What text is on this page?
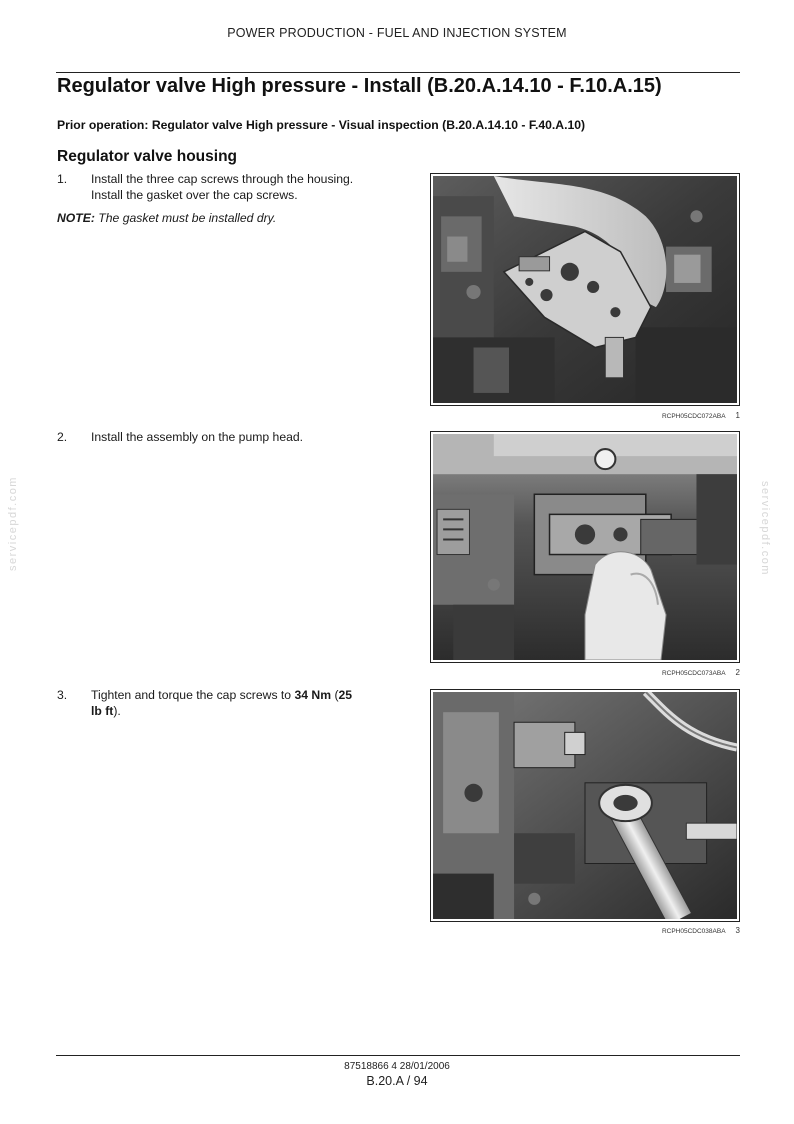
POWER PRODUCTION - FUEL AND INJECTION SYSTEM
Regulator valve High pressure - Install (B.20.A.14.10 - F.10.A.15)
Prior operation: Regulator valve High pressure - Visual inspection (B.20.A.14.10 - F.40.A.10)
Regulator valve housing
1.	Install the three cap screws through the housing.
Install the gasket over the cap screws.
NOTE: The gasket must be installed dry.
RCPH05CDC072ABA 1
2.	Install the assembly on the pump head.
RCPH05CDC073ABA 2
3.	Tighten and torque the cap screws to 34 Nm (25
lb ft).
RCPH05CDC038ABA 3
servicepdf.com	servicepdf.com
87518866 4 28/01/2006
B.20.A / 94
